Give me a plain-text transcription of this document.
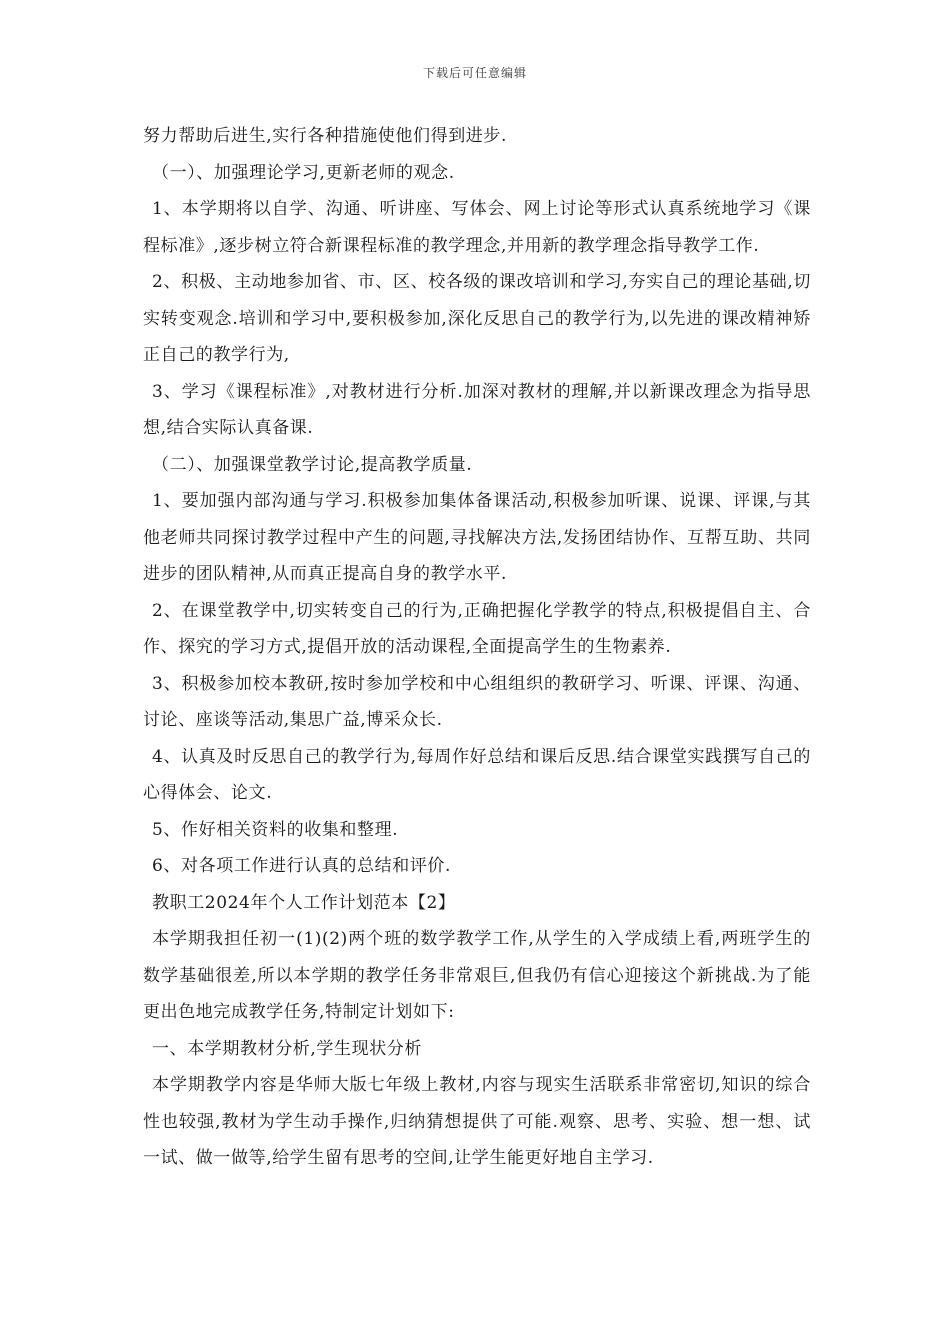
下载后可任意编辑

努力帮助后进生,实行各种措施使他们得到进步.

（一）、加强理论学习,更新老师的观念.

1、本学期将以自学、沟通、听讲座、写体会、网上讨论等形式认真系统地学习《课程标准》,逐步树立符合新课程标准的教学理念,并用新的教学理念指导教学工作.

2、积极、主动地参加省、市、区、校各级的课改培训和学习,夯实自己的理论基础,切实转变观念.培训和学习中,要积极参加,深化反思自己的教学行为,以先进的课改精神矫正自己的教学行为,

3、学习《课程标准》,对教材进行分析.加深对教材的理解,并以新课改理念为指导思想,结合实际认真备课.

（二）、加强课堂教学讨论,提高教学质量.

1、要加强内部沟通与学习.积极参加集体备课活动,积极参加听课、说课、评课,与其他老师共同探讨教学过程中产生的问题,寻找解决方法,发扬团结协作、互帮互助、共同进步的团队精神,从而真正提高自身的教学水平.

2、在课堂教学中,切实转变自己的行为,正确把握化学教学的特点,积极提倡自主、合作、探究的学习方式,提倡开放的活动课程,全面提高学生的生物素养.

3、积极参加校本教研,按时参加学校和中心组组织的教研学习、听课、评课、沟通、讨论、座谈等活动,集思广益,博采众长.

4、认真及时反思自己的教学行为,每周作好总结和课后反思.结合课堂实践撰写自己的心得体会、论文.

5、作好相关资料的收集和整理.

6、对各项工作进行认真的总结和评价.

教职工2024年个人工作计划范本【2】

本学期我担任初一(1)(2)两个班的数学教学工作,从学生的入学成绩上看,两班学生的数学基础很差,所以本学期的教学任务非常艰巨,但我仍有信心迎接这个新挑战.为了能更出色地完成教学任务,特制定计划如下:

一、本学期教材分析,学生现状分析

本学期教学内容是华师大版七年级上教材,内容与现实生活联系非常密切,知识的综合性也较强,教材为学生动手操作,归纳猜想提供了可能.观察、思考、实验、想一想、试一试、做一做等,给学生留有思考的空间,让学生能更好地自主学习.
